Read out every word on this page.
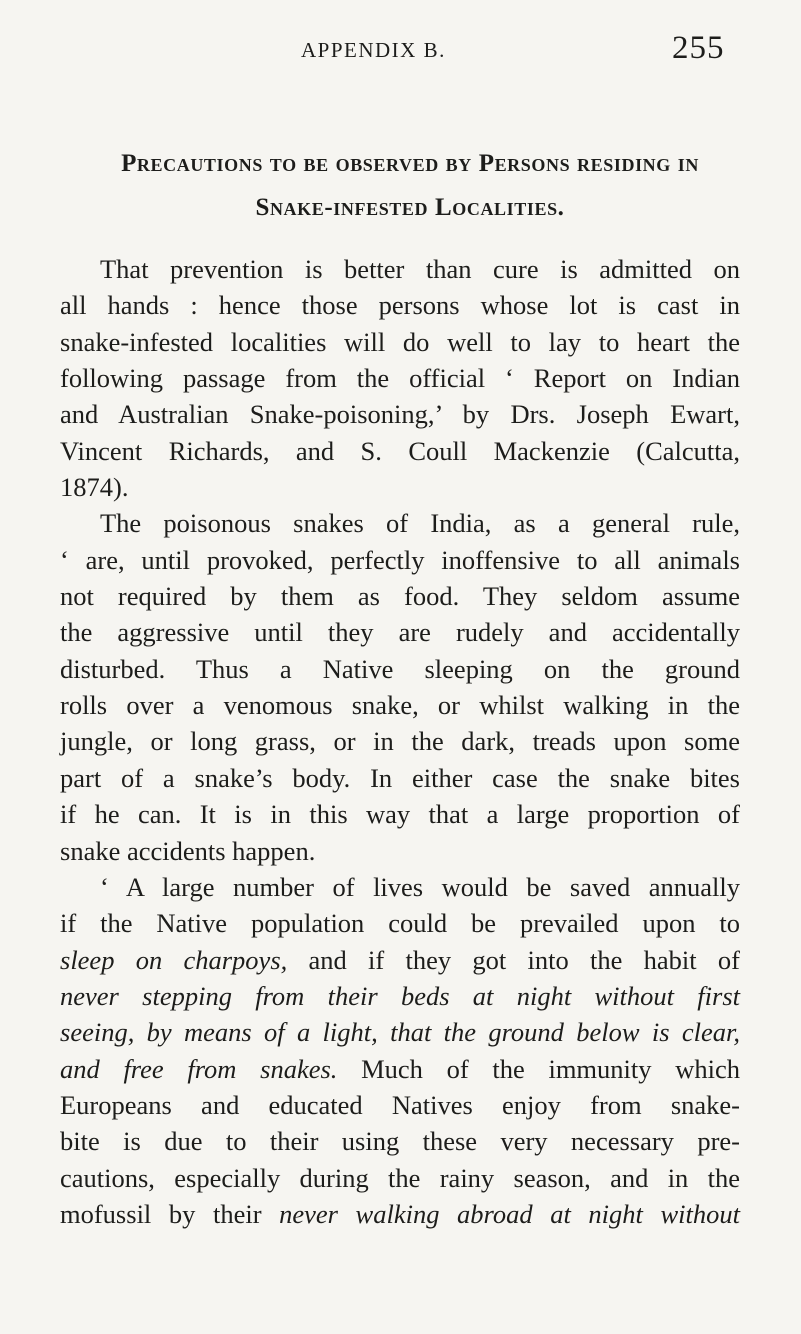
APPENDIX B.	255
Precautions to be observed by Persons residing in
Snake-infested Localities.
That prevention is better than cure is admitted on
all hands : hence those persons whose lot is cast in
snake-infested localities will do well to lay to heart the
following passage from the official ‘ Report on Indian
and Australian Snake-poisoning,’ by Drs. Joseph Ewart,
Vincent Richards, and S. Coull Mackenzie (Calcutta,
1874).
The poisonous snakes of India, as a general rule,
‘ are, until provoked, perfectly inoffensive to all animals
not required by them as food. They seldom assume
the aggressive until they are rudely and accidentally
disturbed. Thus a Native sleeping on the ground
rolls over a venomous snake, or whilst walking in the
jungle, or long grass, or in the dark, treads upon some
part of a snake’s body. In either case the snake bites
if he can. It is in this way that a large proportion of
snake accidents happen.
‘ A large number of lives would be saved annually
if the Native population could be prevailed upon to
sleep on charpoys, and if they got into the habit of
never stepping from their beds at night without first
seeing, by means of a light, that the ground below is clear,
and free from snakes. Much of the immunity which
Europeans and educated Natives enjoy from snake-
bite is due to their using these very necessary pre-
cautions, especially during the rainy season, and in the
mofussil by their never walking abroad at night without
